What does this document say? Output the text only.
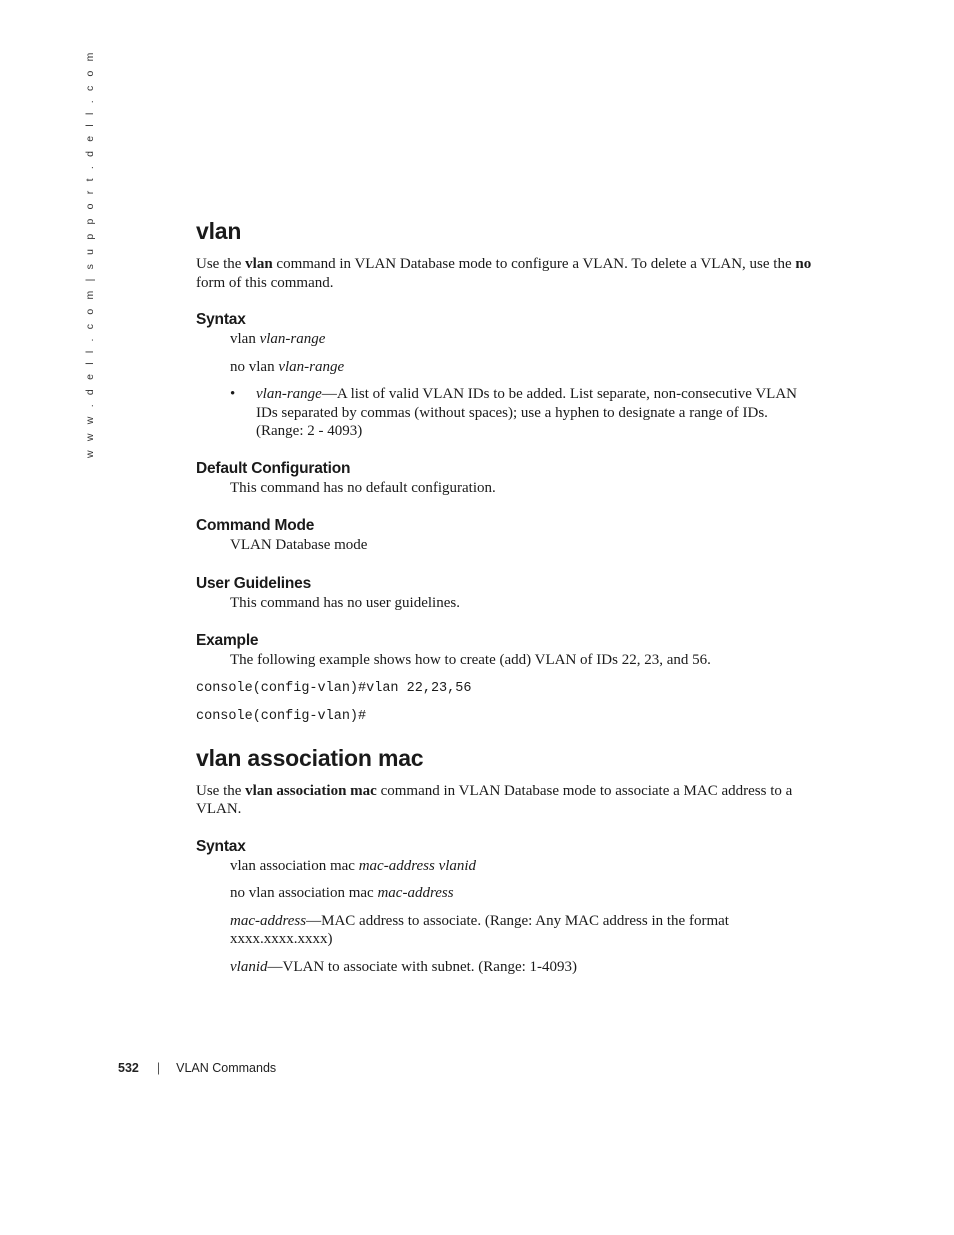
w w w . d e l l . c o m | s u p p o r t . d e l l . c o m	vlan

Use the vlan command in VLAN Database mode to configure a VLAN. To delete a VLAN, use the no form of this command.

Syntax

vlan vlan-range

no vlan vlan-range

• vlan-range—A list of valid VLAN IDs to be added. List separate, non-consecutive VLAN IDs separated by commas (without spaces); use a hyphen to designate a range of IDs. (Range: 2 - 4093)

Default Configuration

This command has no default configuration.

Command Mode

VLAN Database mode

User Guidelines

This command has no user guidelines.

Example

The following example shows how to create (add) VLAN of IDs 22, 23, and 56.

console(config-vlan)#vlan 22,23,56
console(config-vlan)#
vlan association mac

Use the vlan association mac command in VLAN Database mode to associate a MAC address to a VLAN.

Syntax

vlan association mac mac-address vlanid

no vlan association mac mac-address

mac-address—MAC address to associate. (Range: Any MAC address in the format xxxx.xxxx.xxxx)

vlanid—VLAN to associate with subnet. (Range: 1-4093)

532 | VLAN Commands
